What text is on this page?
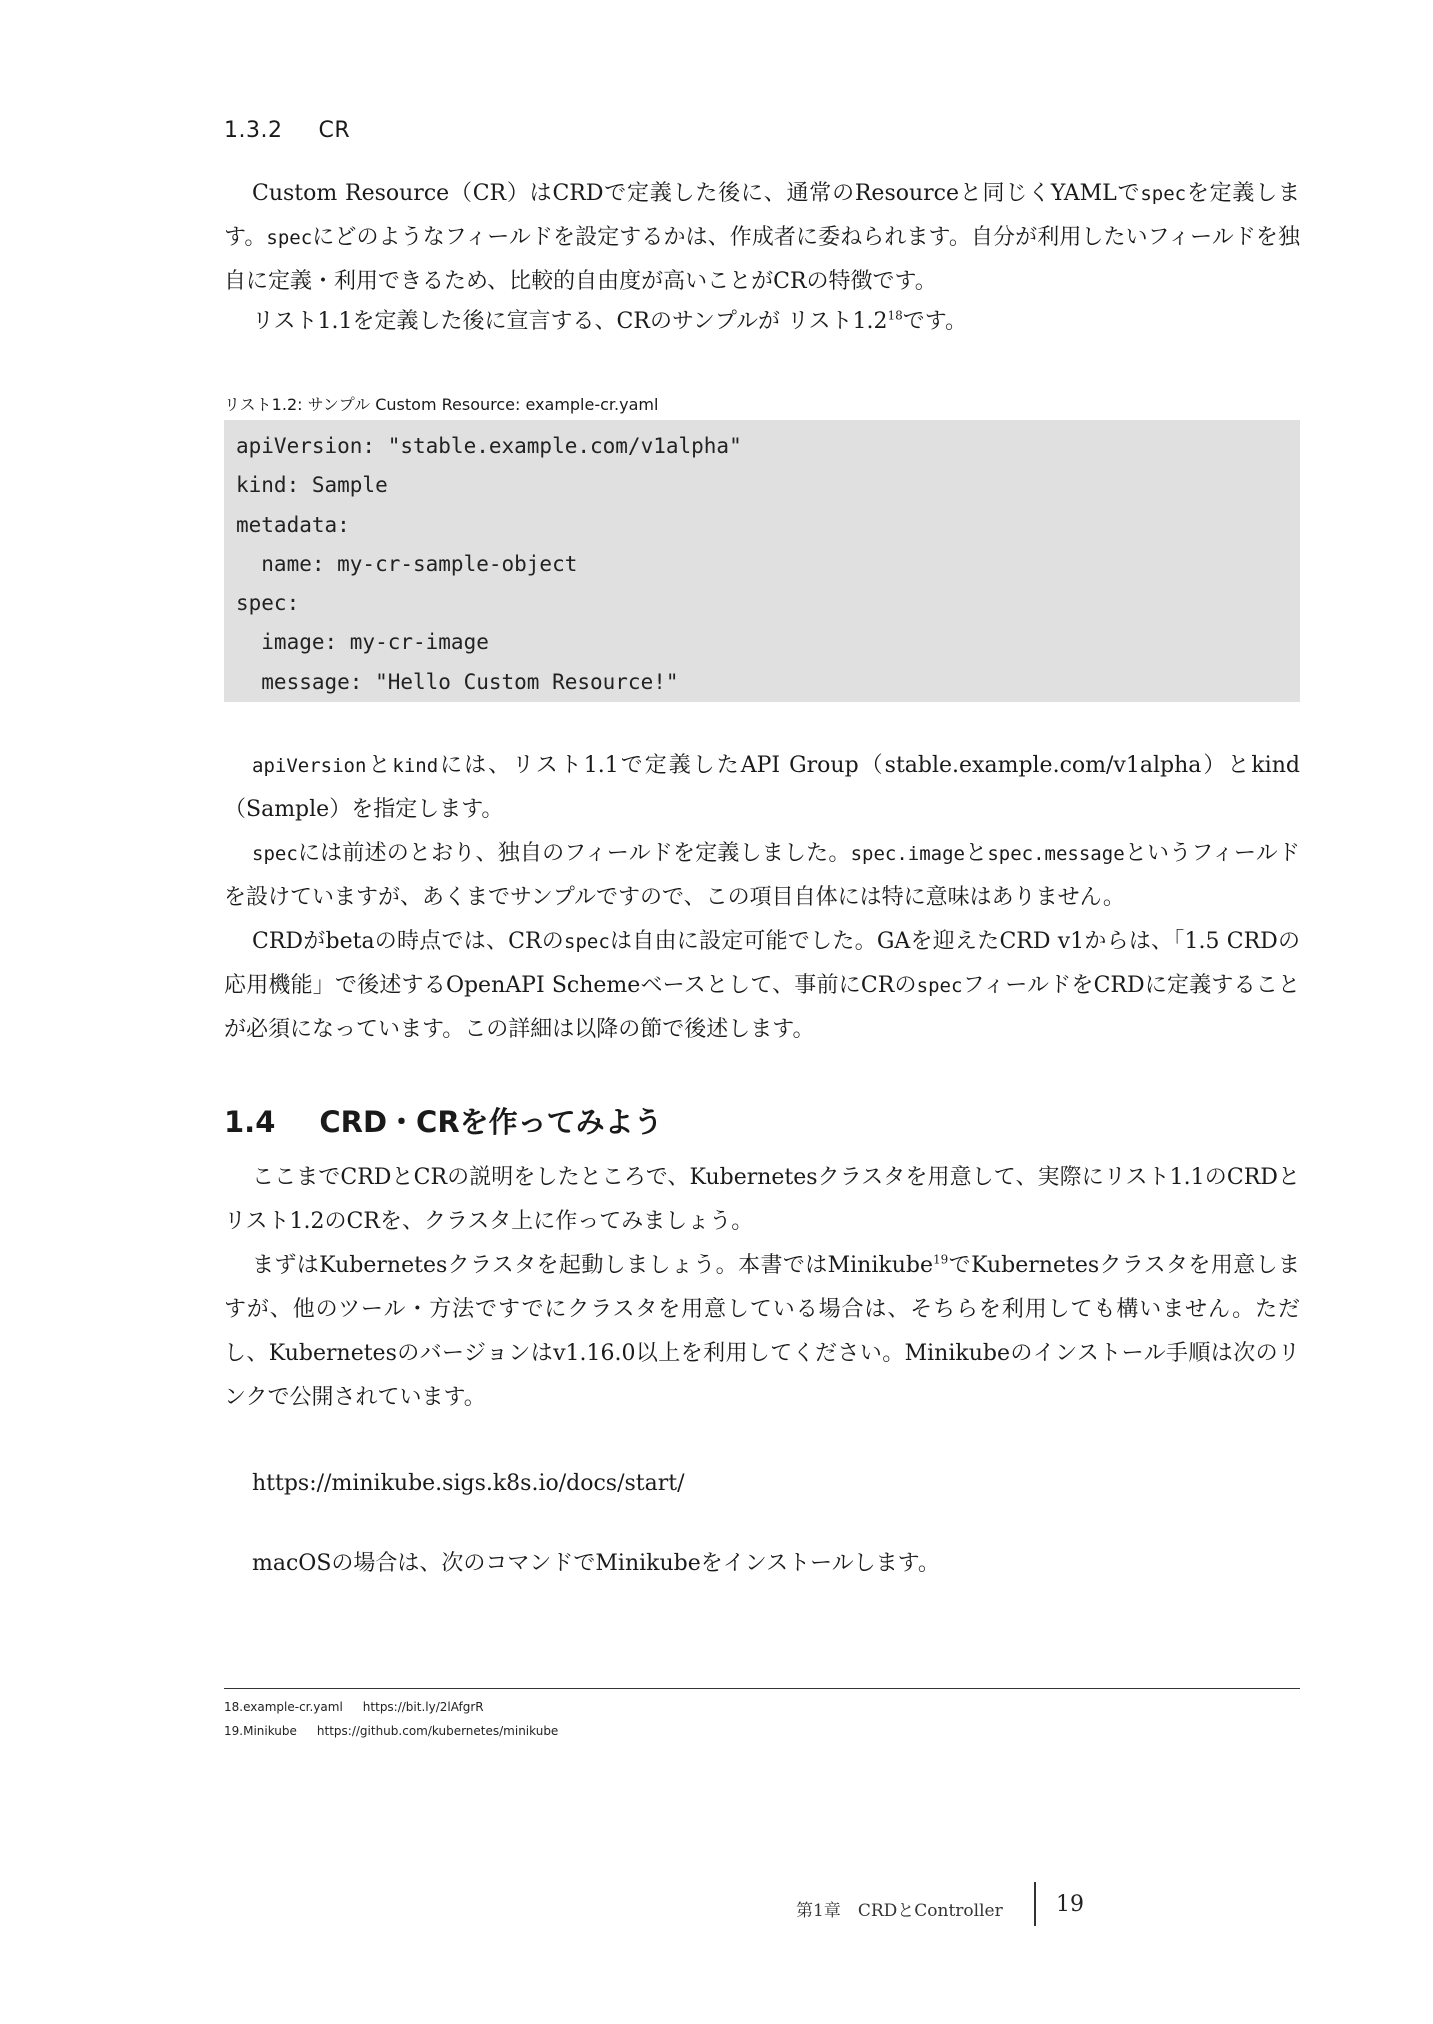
1.3.2 CR

Custom Resource（CR）はCRDで定義した後に、通常のResourceと同じくYAMLでspecを定義します。specにどのようなフィールドを設定するかは、作成者に委ねられます。自分が利用したいフィールドを独自に定義・利用できるため、比較的自由度が高いことがCRの特徴です。

リスト1.1を定義した後に宣言する、CRのサンプルが リスト1.2$^{18}$です。

リスト1.2: サンプル Custom Resource: example-cr.yaml
apiVersion: "stable.example.com/v1alpha"
kind: Sample
metadata:
name: my-cr-sample-object
spec:
image: my-cr-image
message: "Hello Custom Resource!"

apiVersionとkindには、リスト1.1で定義したAPI Group（stable.example.com/v1alpha）とkind（Sample）を指定します。

specには前述のとおり、独自のフィールドを定義しました。spec.imageとspec.messageというフィールドを設けていますが、あくまでサンプルですので、この項目自体には特に意味はありません。

CRDがbetaの時点では、CRのspecは自由に設定可能でした。GAを迎えたCRD v1からは、「1.5 CRDの応用機能」で後述するOpenAPI Schemeベースとして、事前にCRのspecフィールドをCRDに定義することが必須になっています。この詳細は以降の節で後述します。

1.4 CRD・CRを作ってみよう

ここまでCRDとCRの説明をしたところで、Kubernetesクラスタを用意して、実際にリスト1.1のCRDとリスト1.2のCRを、クラスタ上に作ってみましょう。

まずはKubernetesクラスタを起動しましょう。本書ではMinikube$^{19}$でKubernetesクラスタを用意しますが、他のツール・方法ですでにクラスタを用意している場合は、そちらを利用しても構いません。ただし、Kubernetesのバージョンはv1.16.0以上を利用してください。Minikubeのインストール手順は次のリンクで公開されています。

https://minikube.sigs.k8s.io/docs/start/

macOSの場合は、次のコマンドでMinikubeをインストールします。

18.example-cr.yaml https://bit.ly/2lAfgrR
19.Minikube https://github.com/kubernetes/minikube
第1章　CRDとController 19
